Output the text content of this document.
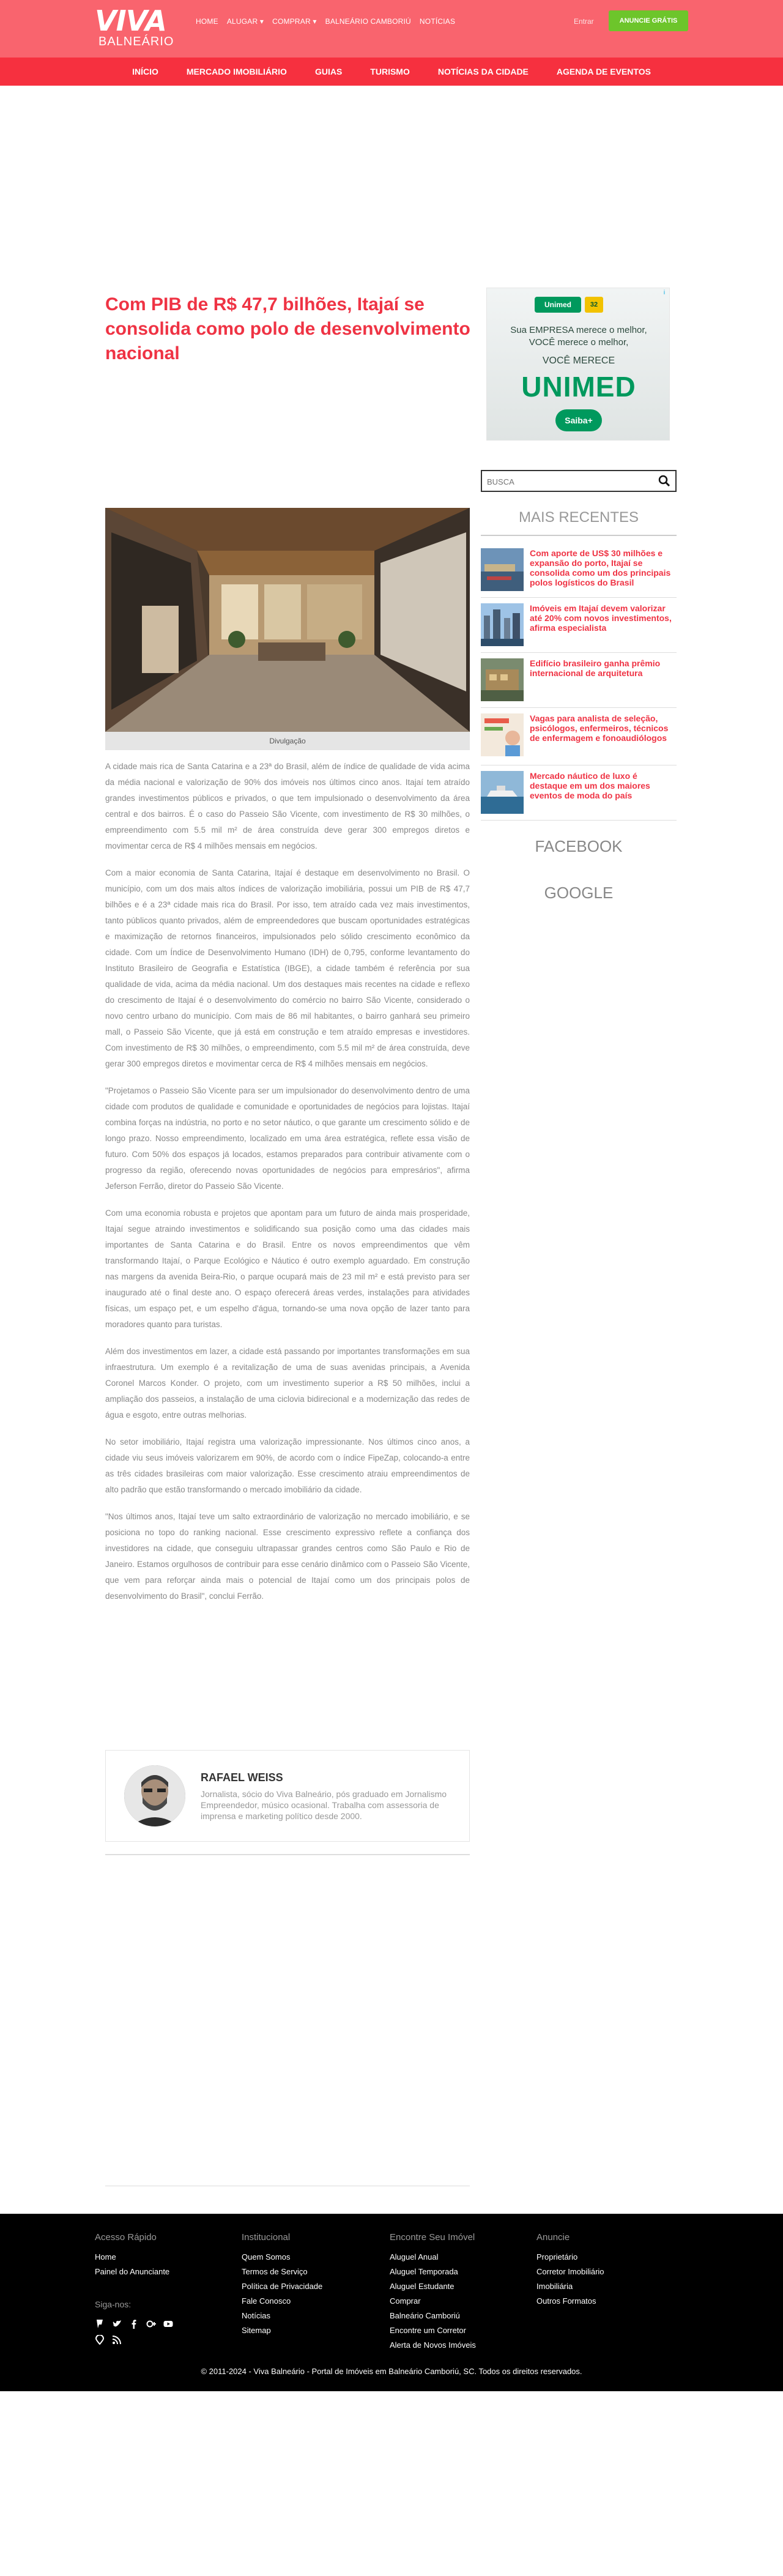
VIVA
BALNEÁRIO
HOME ALUGAR ▾ COMPRAR ▾ BALNEÁRIO CAMBORIÚ NOTÍCIAS	Entrar	ANUNCIE GRÁTIS
INÍCIO	MERCADO IMOBILIÁRIO	GUIAS	TURISMO	NOTÍCIAS DA CIDADE	AGENDA DE EVENTOS
Com PIB de R$ 47,7 bilhões, Itajaí se consolida como polo de desenvolvimento nacional
Unimed	32
Sua EMPRESA merece o melhor,
VOCÊ merece o melhor,
VOCÊ MERECE
UNIMED
Saiba+
i
BUSCA
MAIS RECENTES
Com aporte de US$ 30 milhões e expansão do porto, Itajaí se consolida como um dos principais polos logísticos do Brasil
Imóveis em Itajaí devem valorizar até 20% com novos investimentos, afirma especialista
Edifício brasileiro ganha prêmio internacional de arquitetura
Vagas para analista de seleção, psicólogos, enfermeiros, técnicos de enfermagem e fonoaudiólogos
Mercado náutico de luxo é destaque em um dos maiores eventos de moda do país
FACEBOOK
GOOGLE
Divulgação

A cidade mais rica de Santa Catarina e a 23ª do Brasil, além de índice de qualidade de vida acima da média nacional e valorização de 90% dos imóveis nos últimos cinco anos. Itajaí tem atraído grandes investimentos públicos e privados, o que tem impulsionado o desenvolvimento da área central e dos bairros. É o caso do Passeio São Vicente, com investimento de R$ 30 milhões, o empreendimento com 5.5 mil m² de área construída deve gerar 300 empregos diretos e movimentar cerca de R$ 4 milhões mensais em negócios.

Com a maior economia de Santa Catarina, Itajaí é destaque em desenvolvimento no Brasil. O município, com um dos mais altos índices de valorização imobiliária, possui um PIB de R$ 47,7 bilhões e é a 23ª cidade mais rica do Brasil. Por isso, tem atraído cada vez mais investimentos, tanto públicos quanto privados, além de empreendedores que buscam oportunidades estratégicas e maximização de retornos financeiros, impulsionados pelo sólido crescimento econômico da cidade. Com um Índice de Desenvolvimento Humano (IDH) de 0,795, conforme levantamento do Instituto Brasileiro de Geografia e Estatística (IBGE), a cidade também é referência por sua qualidade de vida, acima da média nacional. Um dos destaques mais recentes na cidade e reflexo do crescimento de Itajaí é o desenvolvimento do comércio no bairro São Vicente, considerado o novo centro urbano do município. Com mais de 86 mil habitantes, o bairro ganhará seu primeiro mall, o Passeio São Vicente, que já está em construção e tem atraído empresas e investidores. Com investimento de R$ 30 milhões, o empreendimento, com 5.5 mil m² de área construída, deve gerar 300 empregos diretos e movimentar cerca de R$ 4 milhões mensais em negócios.

"Projetamos o Passeio São Vicente para ser um impulsionador do desenvolvimento dentro de uma cidade com produtos de qualidade e comunidade e oportunidades de negócios para lojistas. Itajaí combina forças na indústria, no porto e no setor náutico, o que garante um crescimento sólido e de longo prazo. Nosso empreendimento, localizado em uma área estratégica, reflete essa visão de futuro. Com 50% dos espaços já locados, estamos preparados para contribuir ativamente com o progresso da região, oferecendo novas oportunidades de negócios para empresários", afirma Jeferson Ferrão, diretor do Passeio São Vicente.

Com uma economia robusta e projetos que apontam para um futuro de ainda mais prosperidade, Itajaí segue atraindo investimentos e solidificando sua posição como uma das cidades mais importantes de Santa Catarina e do Brasil. Entre os novos empreendimentos que vêm transformando Itajaí, o Parque Ecológico e Náutico é outro exemplo aguardado. Em construção nas margens da avenida Beira-Rio, o parque ocupará mais de 23 mil m² e está previsto para ser inaugurado até o final deste ano. O espaço oferecerá áreas verdes, instalações para atividades físicas, um espaço pet, e um espelho d'água, tornando-se uma nova opção de lazer tanto para moradores quanto para turistas.

Além dos investimentos em lazer, a cidade está passando por importantes transformações em sua infraestrutura. Um exemplo é a revitalização de uma de suas avenidas principais, a Avenida Coronel Marcos Konder. O projeto, com um investimento superior a R$ 50 milhões, inclui a ampliação dos passeios, a instalação de uma ciclovia bidirecional e a modernização das redes de água e esgoto, entre outras melhorias.

No setor imobiliário, Itajaí registra uma valorização impressionante. Nos últimos cinco anos, a cidade viu seus imóveis valorizarem em 90%, de acordo com o índice FipeZap, colocando-a entre as três cidades brasileiras com maior valorização. Esse crescimento atraiu empreendimentos de alto padrão que estão transformando o mercado imobiliário da cidade.

"Nos últimos anos, Itajaí teve um salto extraordinário de valorização no mercado imobiliário, e se posiciona no topo do ranking nacional. Esse crescimento expressivo reflete a confiança dos investidores na cidade, que conseguiu ultrapassar grandes centros como São Paulo e Rio de Janeiro. Estamos orgulhosos de contribuir para esse cenário dinâmico com o Passeio São Vicente, que vem para reforçar ainda mais o potencial de Itajaí como um dos principais polos de desenvolvimento do Brasil", conclui Ferrão.

RAFAEL WEISS
Jornalista, sócio do Viva Balneário, pós graduado em Jornalismo Empreendedor, músico ocasional. Trabalha com assessoria de imprensa e marketing político desde 2000.
Acesso Rápido
Home
Painel do Anunciante
Siga-nos:
Institucional
Quem Somos
Termos de Serviço
Política de Privacidade
Fale Conosco
Notícias
Sitemap
Encontre Seu Imóvel
Aluguel Anual
Aluguel Temporada
Aluguel Estudante
Comprar
Balneário Camboriú
Encontre um Corretor
Alerta de Novos Imóveis
Anuncie
Proprietário
Corretor Imobiliário
Imobiliária
Outros Formatos
© 2011-2024 - Viva Balneário - Portal de Imóveis em Balneário Camboriú, SC. Todos os direitos reservados.
